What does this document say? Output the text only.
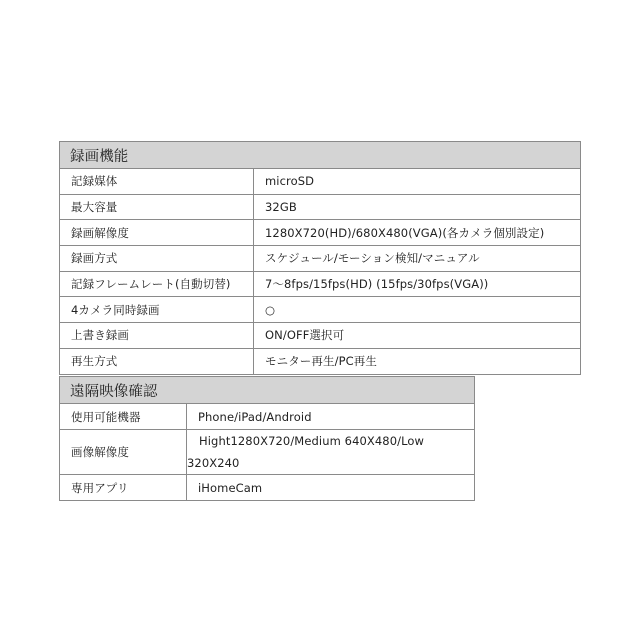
録画機能	
記録媒体	microSD
最大容量	32GB
録画解像度	1280X720(HD)/680X480(VGA)(各カメラ個別設定)
録画方式	スケジュール/モーション検知/マニュアル
記録フレームレート(自動切替)	7～8fps/15fps(HD) (15fps/30fps(VGA))
4カメラ同時録画	○
上書き録画	ON/OFF選択可
再生方式	モニター再生/PC再生
遠隔映像確認	
使用可能機器	Phone/iPad/Android
画像解像度	Hight1280X720/Medium 640X480/Low
320X240
専用アプリ	iHomeCam
